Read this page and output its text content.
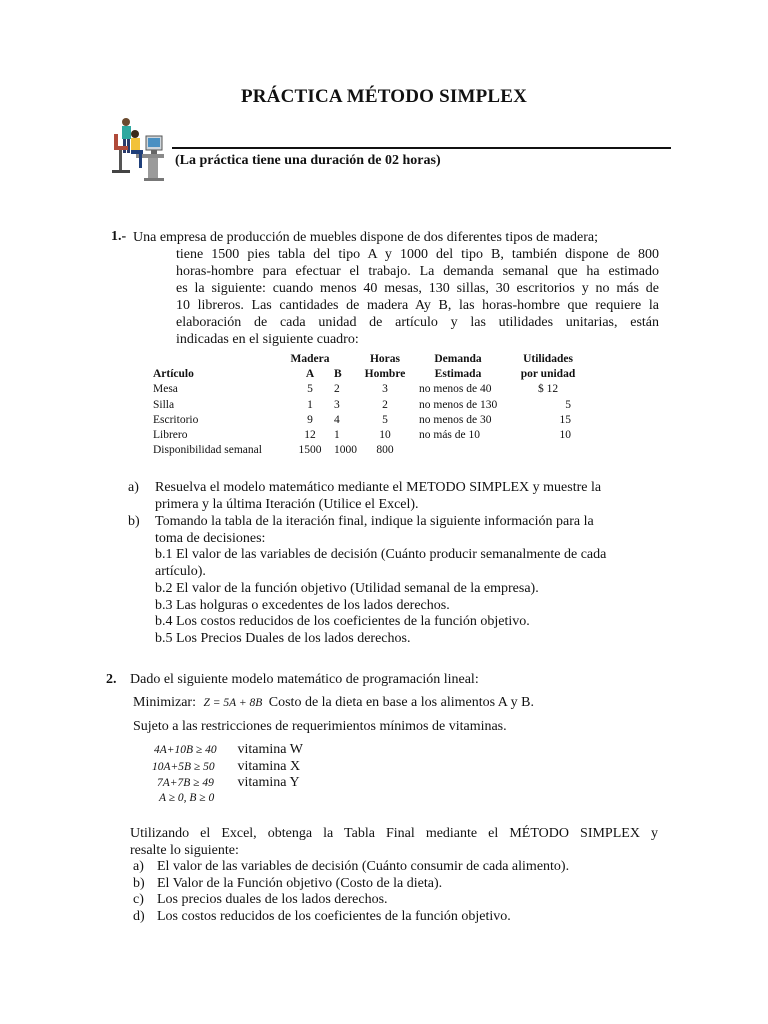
PRÁCTICA MÉTODO SIMPLEX
(La práctica tiene una duración de 02 horas)
1.- Una empresa de producción de muebles dispone de dos diferentes tipos de madera;
tiene 1500 pies tabla del tipo A y 1000 del tipo B, también dispone de 800
horas-hombre para efectuar el trabajo. La demanda semanal que ha estimado
es la siguiente: cuando menos 40 mesas, 130 sillas, 30 escritorios y no más de
10 libreros. Las cantidades de madera Ay B, las horas-hombre que requiere la
elaboración de cada unidad de artículo y las utilidades unitarias, están
indicadas en el siguiente cuadro:
	Madera		Horas	Demanda	Utilidades
Artículo	A	B	Hombre	Estimada	por unidad
Mesa	5	2	3	no menos de 40	$ 12
Silla	1	3	2	no menos de 130	5
Escritorio	9	4	5	no menos de 30	15
Librero	12	1	10	no más de 10	10
Disponibilidad semanal	1500	1000	800		
a) Resuelva el modelo matemático mediante el METODO SIMPLEX y muestre la
primera y la última Iteración (Utilice el Excel).
b) Tomando la tabla de la iteración final, indique la siguiente información para la
toma de decisiones:
b.1 El valor de las variables de decisión (Cuánto producir semanalmente de cada
artículo).
b.2 El valor de la función objetivo (Utilidad semanal de la empresa).
b.3 Las holguras o excedentes de los lados derechos.
b.4 Los costos reducidos de los coeficientes de la función objetivo.
b.5 Los Precios Duales de los lados derechos.
2. Dado el siguiente modelo matemático de programación lineal:
Minimizar: Z = 5A + 8B Costo de la dieta en base a los alimentos A y B.
Sujeto a las restricciones de requerimientos mínimos de vitaminas.
4A+10B ≥ 40 vitamina W
10A+5B ≥ 50 vitamina X
7A+7B ≥ 49 vitamina Y
A ≥ 0, B ≥ 0
Utilizando el Excel, obtenga la Tabla Final mediante el MÉTODO SIMPLEX y
resalte lo siguiente:
a) El valor de las variables de decisión (Cuánto consumir de cada alimento).
b) El Valor de la Función objetivo (Costo de la dieta).
c) Los precios duales de los lados derechos.
d) Los costos reducidos de los coeficientes de la función objetivo.
